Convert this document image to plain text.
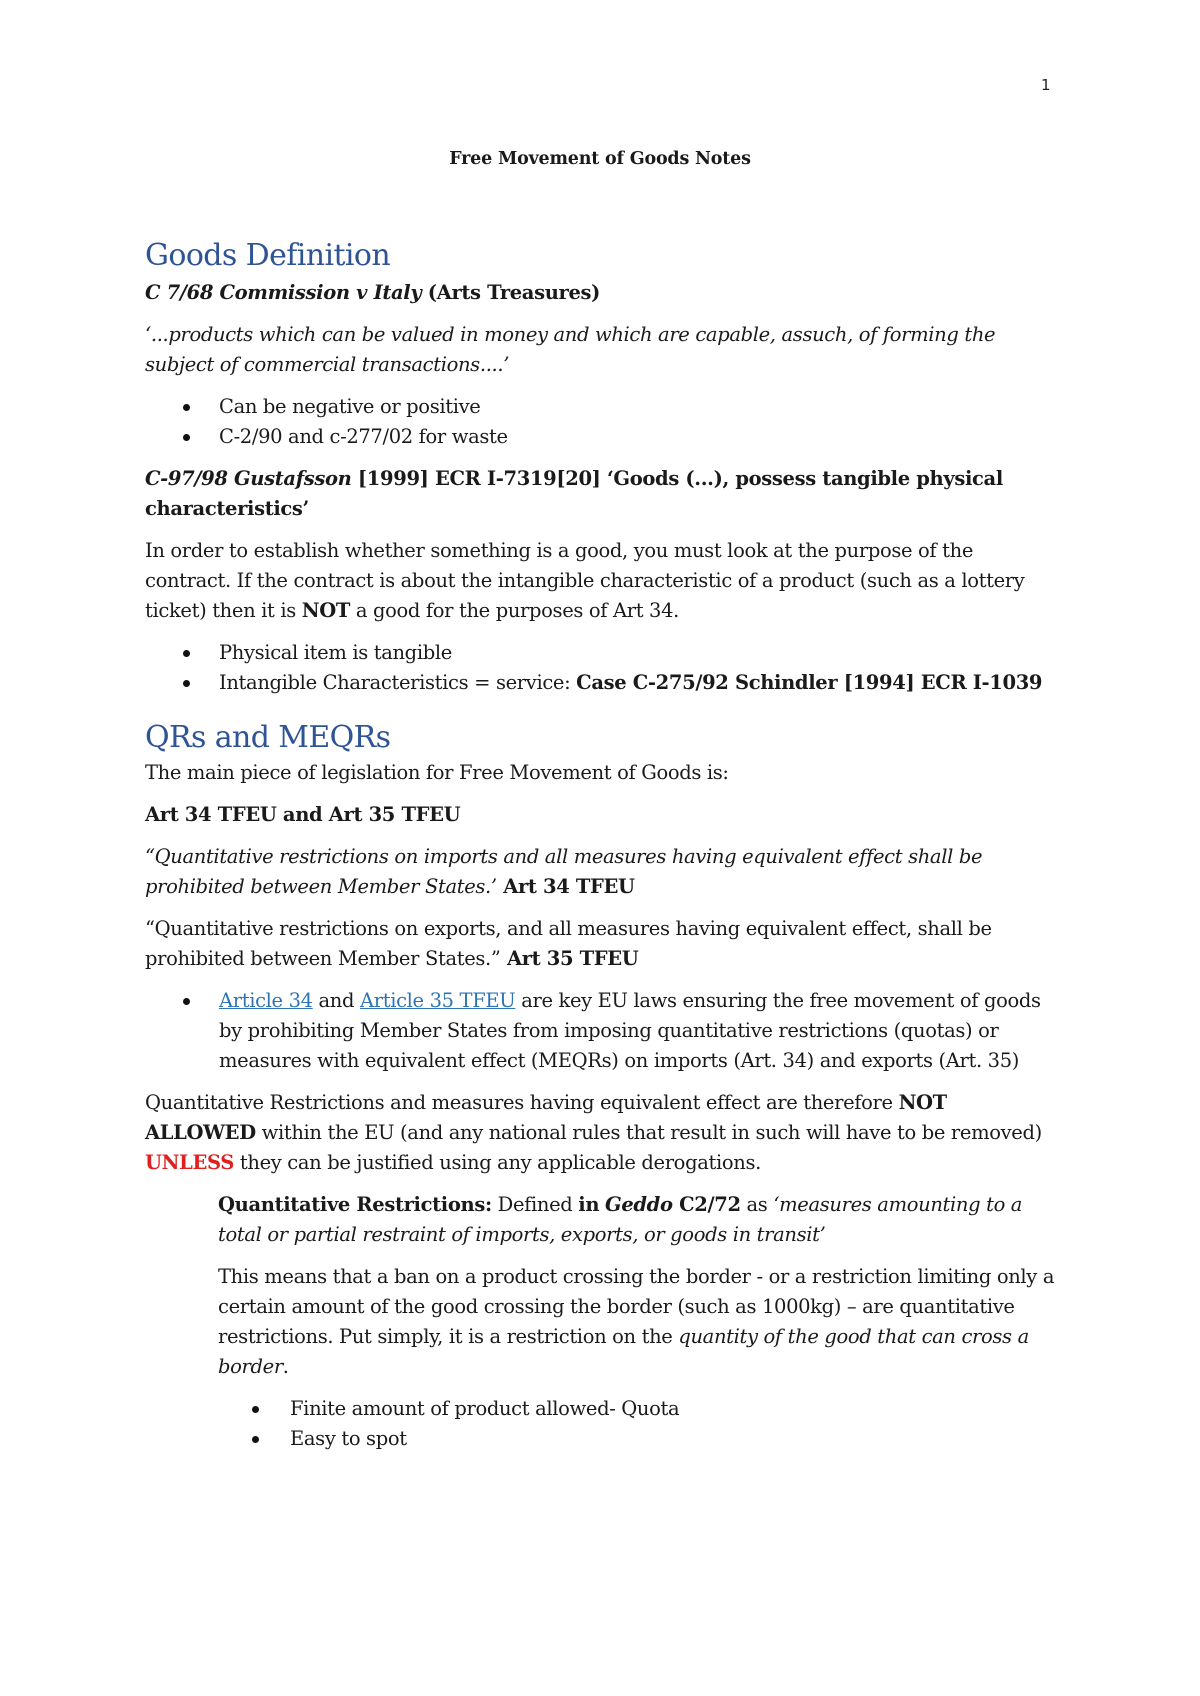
1

Free Movement of Goods Notes

Goods Definition

C 7/68 Commission v Italy (Arts Treasures)

‘...products which can be valued in money and which are capable, assuch, of forming the subject of commercial transactions....’

Can be negative or positive
C-2/90 and c-277/02 for waste

C-97/98 Gustafsson [1999] ECR I-7319[20] ‘Goods (...), possess tangible physical characteristics’

In order to establish whether something is a good, you must look at the purpose of the contract. If the contract is about the intangible characteristic of a product (such as a lottery ticket) then it is NOT a good for the purposes of Art 34.

Physical item is tangible
Intangible Characteristics = service: Case C-275/92 Schindler [1994] ECR I-1039
QRs and MEQRs

The main piece of legislation for Free Movement of Goods is:

Art 34 TFEU and Art 35 TFEU

“Quantitative restrictions on imports and all measures having equivalent effect shall be prohibited between Member States.’ Art 34 TFEU

“Quantitative restrictions on exports, and all measures having equivalent effect, shall be prohibited between Member States.” Art 35 TFEU

Article 34 and Article 35 TFEU are key EU laws ensuring the free movement of goods by prohibiting Member States from imposing quantitative restrictions (quotas) or measures with equivalent effect (MEQRs) on imports (Art. 34) and exports (Art. 35)

Quantitative Restrictions and measures having equivalent effect are therefore NOT ALLOWED within the EU (and any national rules that result in such will have to be removed) UNLESS they can be justified using any applicable derogations.

Quantitative Restrictions: Defined in Geddo C2/72 as ‘measures amounting to a total or partial restraint of imports, exports, or goods in transit’

This means that a ban on a product crossing the border - or a restriction limiting only a certain amount of the good crossing the border (such as 1000kg) – are quantitative restrictions. Put simply, it is a restriction on the quantity of the good that can cross a border.

Finite amount of product allowed- Quota
Easy to spot
